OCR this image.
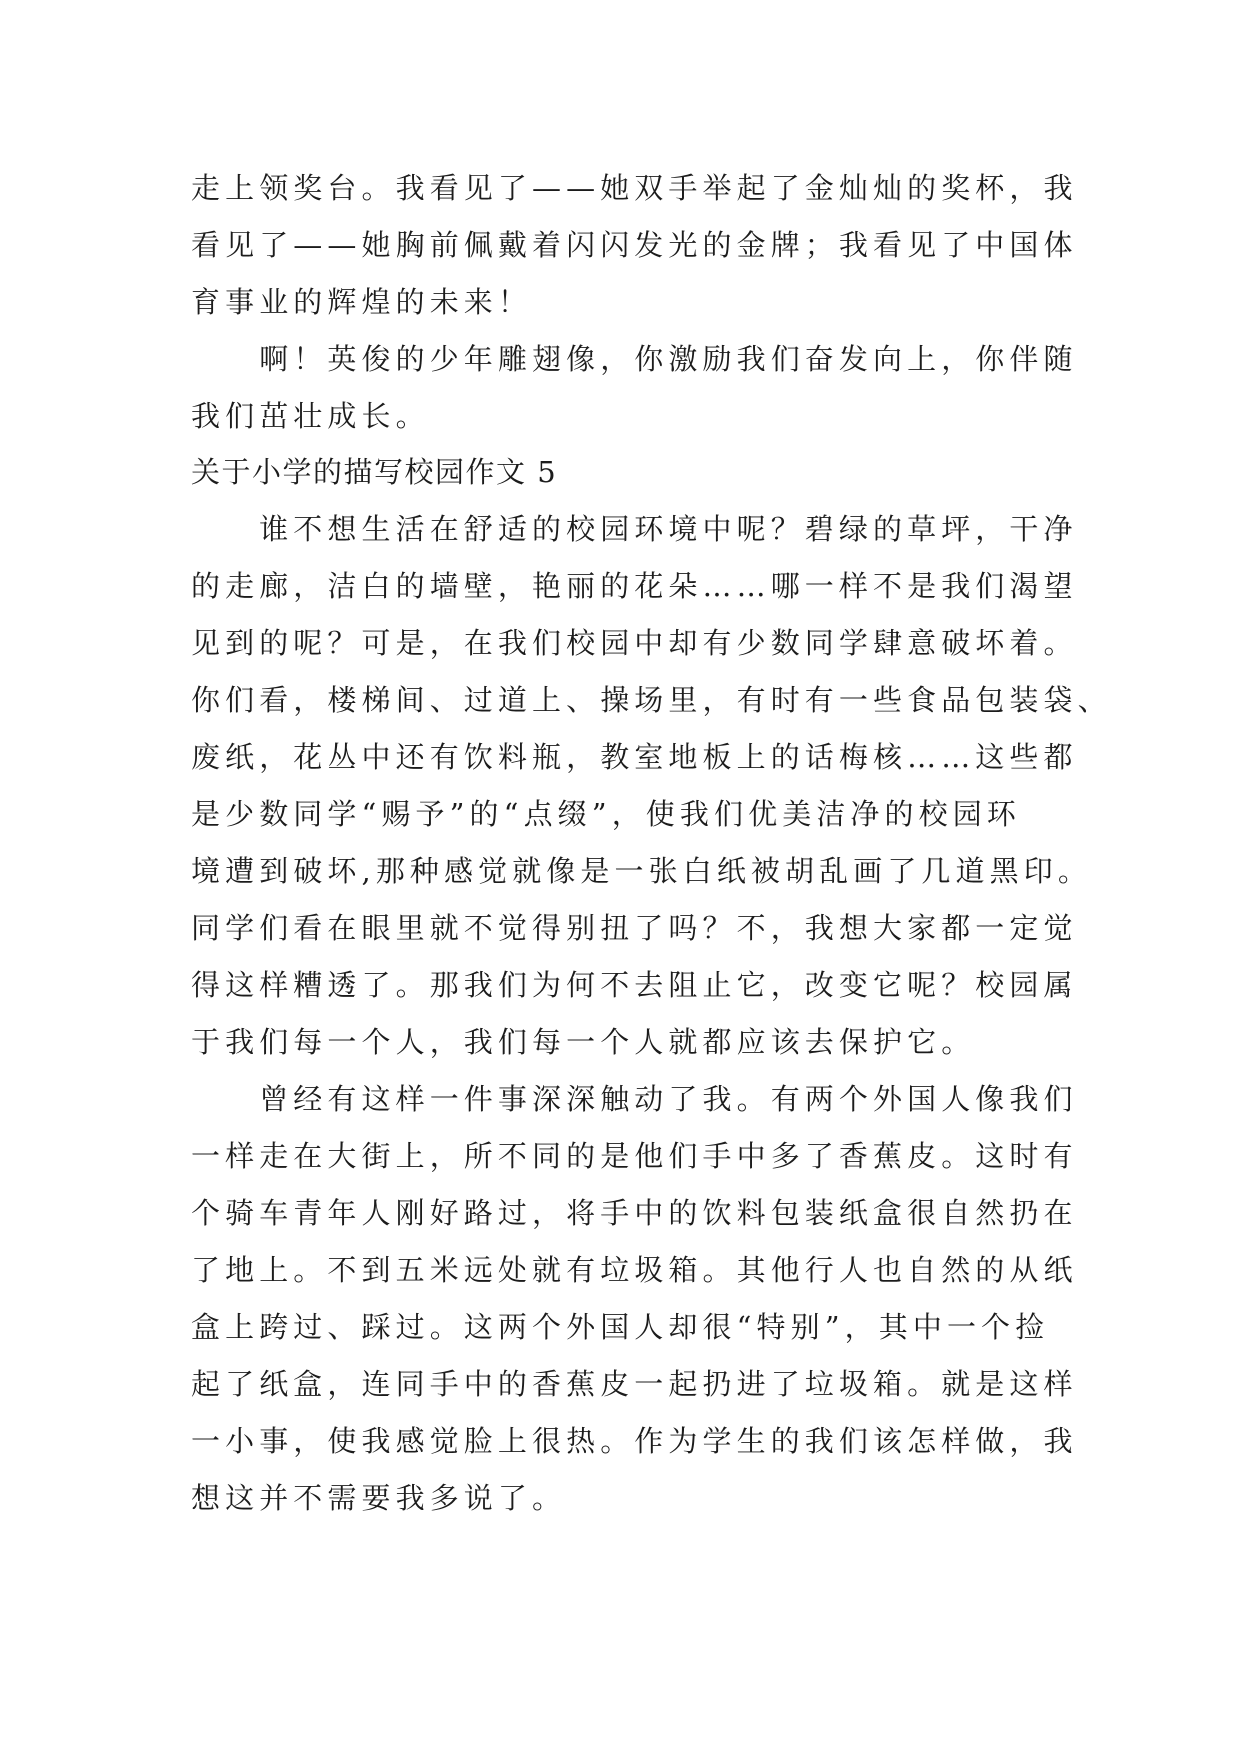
走上领奖台。我看见了——她双手举起了金灿灿的奖杯，我
看见了——她胸前佩戴着闪闪发光的金牌；我看见了中国体
育事业的辉煌的未来！
　　啊！英俊的少年雕翅像，你激励我们奋发向上，你伴随
我们茁壮成长。
关于小学的描写校园作文 5
　　谁不想生活在舒适的校园环境中呢？碧绿的草坪，干净
的走廊，洁白的墙壁，艳丽的花朵……哪一样不是我们渴望
见到的呢？可是，在我们校园中却有少数同学肆意破坏着。
你们看，楼梯间、过道上、操场里，有时有一些食品包装袋、
废纸，花丛中还有饮料瓶，教室地板上的话梅核……这些都
是少数同学“赐予”的“点缀”，使我们优美洁净的校园环
境遭到破坏,那种感觉就像是一张白纸被胡乱画了几道黑印。
同学们看在眼里就不觉得别扭了吗？不，我想大家都一定觉
得这样糟透了。那我们为何不去阻止它，改变它呢？校园属
于我们每一个人，我们每一个人就都应该去保护它。
　　曾经有这样一件事深深触动了我。有两个外国人像我们
一样走在大街上，所不同的是他们手中多了香蕉皮。这时有
个骑车青年人刚好路过，将手中的饮料包装纸盒很自然扔在
了地上。不到五米远处就有垃圾箱。其他行人也自然的从纸
盒上跨过、踩过。这两个外国人却很“特别”，其中一个捡
起了纸盒，连同手中的香蕉皮一起扔进了垃圾箱。就是这样
一小事，使我感觉脸上很热。作为学生的我们该怎样做，我
想这并不需要我多说了。
